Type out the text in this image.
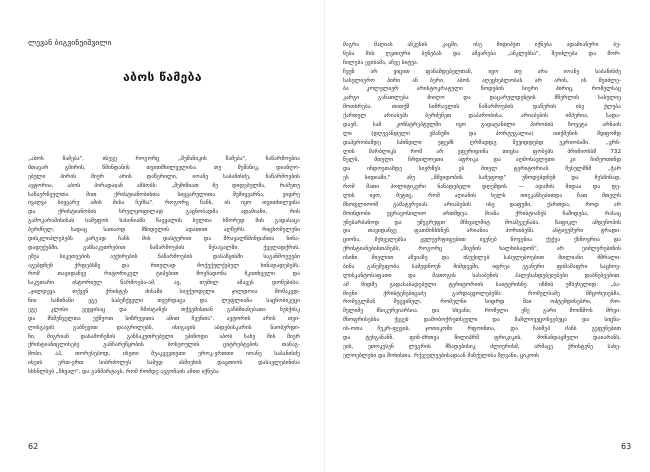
ლევან ბიგვინეიშვილი
აბოს წამება
„აბოს წამება", ისევე როგორც „შუშანიკის წამება", ნაწარმოებია
მთავარ გმირის, წმინდანის თვითმხილველისა. თუ შუშანიკ, დიანღო-
ებული პირის მიერ არის დაწერილი, იოანე საბანისძე, ნაწარმოების
ავტორია, აბოს პირადაჲან ამბობს: „შემიწიათ მე დიდებულმა, რამეთუ
საწაერჩეულთა მით ქრისტიანობისთა სიყვარულითა შემიყვარნა, ვიდრე
ივაღვა სიყვარუ ამის მისა ჩემსა". როგორც ჩანს, ის იყო თვითხილვისა
და ქრისტიანობის სრულყოფილად გაცნობადმა ადამიანი, რის
გამოკარამისისას სამეფოს ხასინიანს წავვალის სულთა სწორედ მის გადასაცა
ბერძნულ, სადაც სათაოდ მზიდელის ადათით აღწერს. რიცხომელენი
დისკლიპლებებს კარგად ჩანს მის დასტურით და მრავალწმინდანთა ხინა-
დადუქებში, განსაკუთრებით ნაწარმოების შესავალში. ქველადქრის,
ეშეა სიკეთეების აუქირების ნაწარმოების დასაწყისში საგანმოგუები
აგებდნენ ქრდებსზე და რთულად მოქუქულქებულ ხინადადებებს,
რომ თავიდანვე რიტორიკულ ტიპებით მოეჩადონა მკითხველი და
საკუთარი ისტორიულ წარმოება-ამ, ავ, თუმილ ამავეს დონებისა:
„ჯილდევა თქვენ ქრისტეს ძისაში სიუქუოდელი ჯილდოია მომაკვდ-
ნიი საზინანი ეგე საბეჩქველი თვურდაცა და ლეფლიანა საცნობიკეცი
ეგე კლისი ვეყვისაც და ჩმისტანეს თქვემისთან გაჩბმიანებათა ნუსქისკ
და მსმენველთა უქმეოთ სიზრუვითა ამით ჩვენთა". ავტორის არის თვი-
ლისგავის გაბნევით დააგრილებს, ისიგავის აბდებისკარის ნაობურდი-
ნი, მიგრიან დასამოჩენის განსაკუთრებული ეპიზოდი აბოს სახე მის მიერ
ქრისტიანიცლისებე განჩარეწყობის ბოსეოულის ციტრებტების თანაგ-
მობი. აჰ, თორესებოდ, ისეთი შუაკვევთეთი ეროკ-ერთთი იოანე საბანისძე
ისეის ერთ-ერთ სიბრძოლეს სამედ ასმიეხის დაცთიოს დასავლებინისა
სხსნლსებ „ჩხვალ", და განმარტავს, რომ რომდე ავგოჩაის ამით იქნება
62
მაგრა მაღიას ანკესის კაცში, ისე მიდიპეთ იქნება ადამიანური ბუ-
ნება მის ღვთიური ბუნებას და ამყარება „ანკლებსა", შეიძლება და მორ-
ჩილება ევისამა, აჩვე სიტუა.
ჩვენ არ ვიცით ფანამდებელთან, იყო თუ არა იოანე საბანისძე
სასულიერო პირი ან ბერი. აბოს აღეცხებლობას არ არის, ის შეიძლე-
ბა კოლელიერ არისტოკრატული წოდების სიერი პირიც, რომელსაც
კარგი განათლება მიიღო და დაცარულდენტის მწერლის სასულიე
მოთხრება. თითქმ სიმრავლის ნაწარმოების დაწერის ისე ქლება
ქართულ არიაბებს ბერძენეთ დაპარობისა. არიაბების იმპერია, სადა-
დაემ, სამ კონსტრეპტულში იყო გადატანილი პირობის ზოვეტა არნაის
ლი (დღევანდელი ემანუმი და პორტუგალია) ითქმენის მდფომდ
დაპყრობამდე სპინდლი ეფეძნ ღრმადდგ შევიდდებდ ეკრიობაში. „ვრნ-
ლის მარბლიკს რომ არ ეფერიდინა თიცხა ფობებს პრიმიოსსმ 732
წელს, მთელი ჩრდილოეთი აფრიკა და აღმოსავლეთი კი ჩიმეოთინდ
და ინდოეთამდე სიერწეს. ეს მთელ ტერიტორიას შუსულმნმ „ჭარ
ეს სიდიაში," ანუ „მშვიდობის სამეფოდ" უწოდებდნენ და მუსმინად,
რომ მათი პოლიტიკური ნანადებელი დღემდის — ადამის მიდაა და დე-
ლის იყო, მეტიც, რომ აღიანის ხელს ითეკანსებითდა ჩათ მთელს
მსოფლიოოშ გამატერეიას. არიაბების ისე დაფუმი, ქართდა, როდ არ
მოინდობი ეცრავოსილიო ართმდეა. მიანა ქრისტიანეს ჩაშიდება, რასაც
უნებარბანოდ და უმეგრუფთ მჩხვალმიტ მოამგვენაბა, ზაფიკლ ამდენოპის
და თავიდანვე ფათმინსხნენ არიანია პორთბენს. ანტიეუმური ტრადი-
ციონა, მეხველებსა ჟვლეერტიფებით ივენებ ნოვენია ქუქეა ქსნოვრია და
ქრისტიანებისთანებს, როგორც „წიგნის ხალხისადონ", არ ეიძლერებინის
ისინი მიელით აწვიაზე და ისუქილებ სასულებოებით მთლიანი მშრალი-
ბინა განემეფობა სამუდნოენ მიმდევში, იფრეა ეგანერი ფიმამაფრი საცხოვ-
ლისკანტოსაფათი და მათოგის სასაბუნის ჰალესახდებეჲებები დაბნებეებით.
ამ მიდმე გადასაბადებული ტერიტორიის საიტერისნე იზმის უმსეხელიდ: „ბა-
მიენი ქრისტენებიცაძე გარდაყვოლებენს: რომელსამე მმცოხეიებმა,
რომეგლმან შეცვინულ, რომელნი სიდრდ შაი ოპტემდისებრი, რო-
მელიმე მსიკურვიარსია. და სხვანი, რომელი ეწე გარი მოიწმოს მრვი-
მხოფრისებსა ქვვეს დამობოქრეთსეული და ზაჩლოვეცოსეებუცა და სიცნა-
ის-ოთა ჩუკრ-ფევის, ჯოთიკოში რფოინთა, და ჩაიშეპ ძანს გეფუნებით
და ტეხგანანნ, ფინ-ძრთვა წილიპრმ ფრიკიკის, მონანდაყმული დაიარანს,
ეის, ეთოკუსენ ლეგრის მზადებისიკ ძლიერისმ, არმაცე ქრისტენე სახე-
ელოებლეხი და შოხისთა, რქვეულეებისადაან მანქელისა ზღვანი, ციკოის
63
